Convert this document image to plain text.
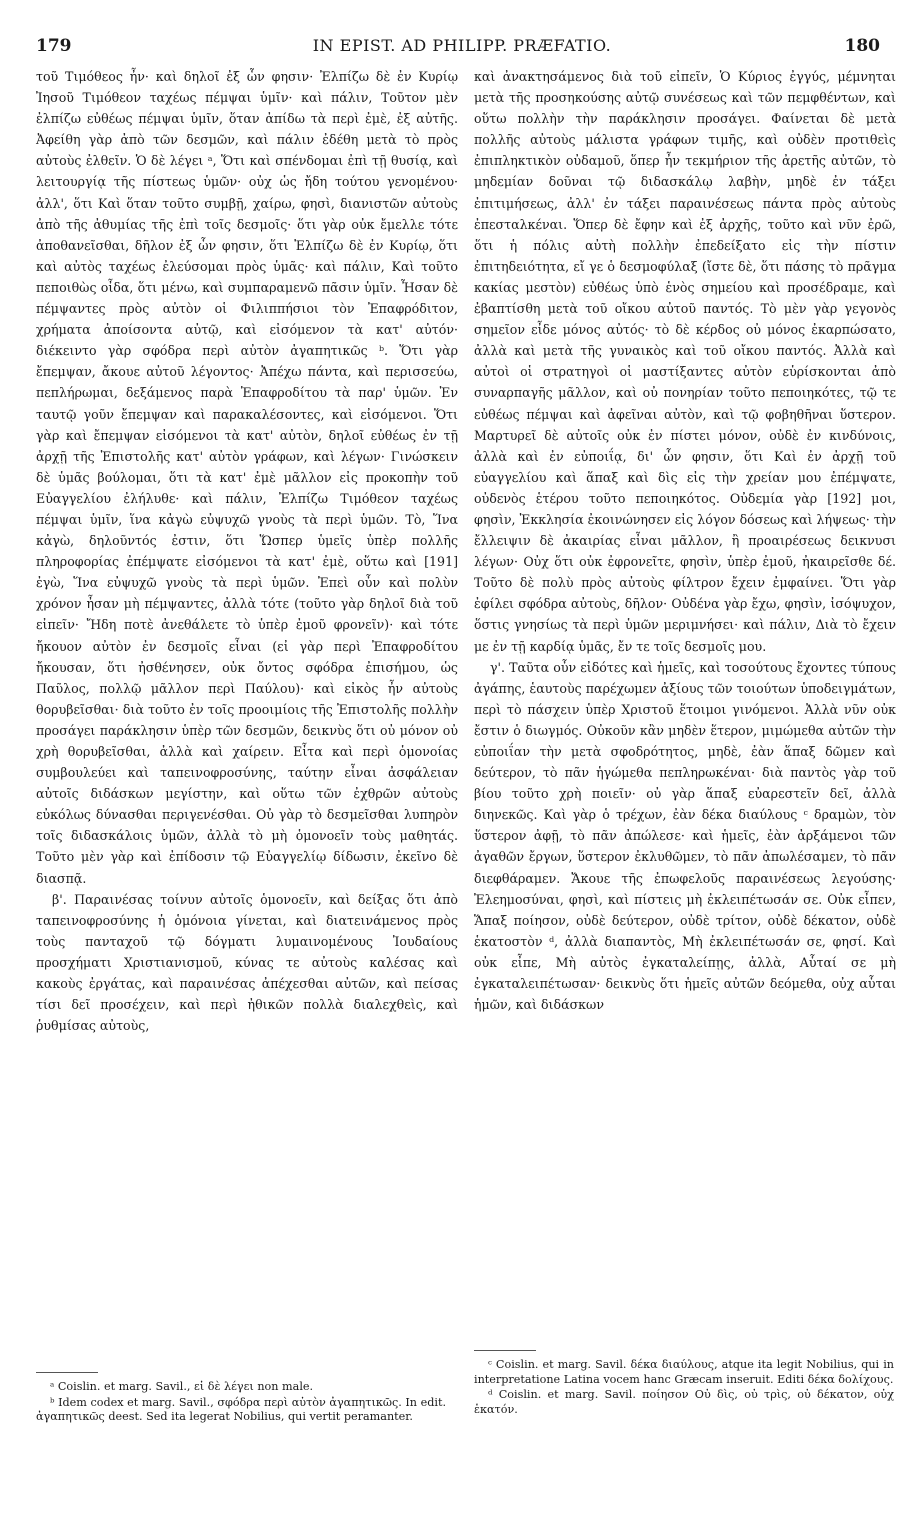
179	IN EPIST. AD PHILIPP. PRÆFATIO.	180

τοῦ Τιμόθεος ἦν· καὶ δηλοῖ ἐξ ὧν φησιν· Ἐλπίζω δὲ ἐν Κυρίῳ Ἰησοῦ Τιμόθεον ταχέως πέμψαι ὑμῖν· καὶ πάλιν, Τοῦτον μὲν ἐλπίζω εὐθέως πέμψαι ὑμῖν, ὅταν ἀπίδω τὰ περὶ ἐμὲ, ἐξ αὐτῆς. Ἀφείθη γὰρ ἀπὸ τῶν δεσμῶν, καὶ πάλιν ἐδέθη μετὰ τὸ πρὸς αὐτοὺς ἐλθεῖν. Ὁ δὲ λέγει ᵃ, Ὅτι καὶ σπένδομαι ἐπὶ τῇ θυσίᾳ, καὶ λειτουργίᾳ τῆς πίστεως ὑμῶν· οὐχ ὡς ἤδη τούτου γενομένου· ἀλλ', ὅτι Καὶ ὅταν τοῦτο συμβῇ, χαίρω, φησὶ, διανιστῶν αὐτοὺς ἀπὸ τῆς ἀθυμίας τῆς ἐπὶ τοῖς δεσμοῖς· ὅτι γὰρ οὐκ ἔμελλε τότε ἀποθανεῖσθαι, δῆλον ἐξ ὧν φησιν, ὅτι Ἐλπίζω δὲ ἐν Κυρίῳ, ὅτι καὶ αὐτὸς ταχέως ἐλεύσομαι πρὸς ὑμᾶς· καὶ πάλιν, Καὶ τοῦτο πεποιθὼς οἶδα, ὅτι μένω, καὶ συμπαραμενῶ πᾶσιν ὑμῖν. Ἦσαν δὲ πέμψαντες πρὸς αὐτὸν οἱ Φιλιππήσιοι τὸν Ἐπαφρόδιτον, χρήματα ἀποίσοντα αὐτῷ, καὶ εἰσόμενον τὰ κατ' αὐτόν· διέκειντο γὰρ σφόδρα περὶ αὐτὸν ἀγαπητικῶς ᵇ. Ὅτι γὰρ ἔπεμψαν, ἄκουε αὐτοῦ λέγοντος· Ἀπέχω πάντα, καὶ περισσεύω, πεπλήρωμαι, δεξάμενος παρὰ Ἐπαφροδίτου τὰ παρ' ὑμῶν. Ἐν ταυτῷ γοῦν ἔπεμψαν καὶ παρακαλέσοντες, καὶ εἰσόμενοι. Ὅτι γὰρ καὶ ἔπεμψαν εἰσόμενοι τὰ κατ' αὐτὸν, δηλοῖ εὐθέως ἐν τῇ ἀρχῇ τῆς Ἐπιστολῆς κατ' αὐτὸν γράφων, καὶ λέγων· Γινώσκειν δὲ ὑμᾶς βούλομαι, ὅτι τὰ κατ' ἐμὲ μᾶλλον εἰς προκοπὴν τοῦ Εὐαγγελίου ἐλήλυθε· καὶ πάλιν, Ἐλπίζω Τιμόθεον ταχέως πέμψαι ὑμῖν, ἵνα κἀγὼ εὐψυχῶ γνοὺς τὰ περὶ ὑμῶν. Τὸ, Ἵνα κἀγὼ, δηλοῦντός ἐστιν, ὅτι Ὥσπερ ὑμεῖς ὑπὲρ πολλῆς πληροφορίας ἐπέμψατε εἰσόμενοι τὰ κατ' ἐμὲ, οὕτω καὶ [191] ἐγὼ, Ἵνα εὐψυχῶ γνοὺς τὰ περὶ ὑμῶν. Ἐπεὶ οὖν καὶ πολὺν χρόνον ἦσαν μὴ πέμψαντες, ἀλλὰ τότε (τοῦτο γὰρ δηλοῖ διὰ τοῦ εἰπεῖν· Ἤδη ποτὲ ἀνεθάλετε τὸ ὑπὲρ ἐμοῦ φρονεῖν)· καὶ τότε ἤκουον αὐτὸν ἐν δεσμοῖς εἶναι (εἰ γὰρ περὶ Ἐπαφροδίτου ἤκουσαν, ὅτι ἠσθένησεν, οὐκ ὄντος σφόδρα ἐπισήμου, ὡς Παῦλος, πολλῷ μᾶλλον περὶ Παύλου)· καὶ εἰκὸς ἦν αὐτοὺς θορυβεῖσθαι· διὰ τοῦτο ἐν τοῖς προοιμίοις τῆς Ἐπιστολῆς πολλὴν προσάγει παράκλησιν ὑπὲρ τῶν δεσμῶν, δεικνὺς ὅτι οὐ μόνον οὐ χρὴ θορυβεῖσθαι, ἀλλὰ καὶ χαίρειν. Εἶτα καὶ περὶ ὁμονοίας συμβουλεύει καὶ ταπεινοφροσύνης, ταύτην εἶναι ἀσφάλειαν αὐτοῖς διδάσκων μεγίστην, καὶ οὕτω τῶν ἐχθρῶν αὐτοὺς εὐκόλως δύνασθαι περιγενέσθαι. Οὐ γὰρ τὸ δεσμεῖσθαι λυπηρὸν τοῖς διδασκάλοις ὑμῶν, ἀλλὰ τὸ μὴ ὁμονοεῖν τοὺς μαθητάς. Τοῦτο μὲν γὰρ καὶ ἐπίδοσιν τῷ Εὐαγγελίῳ δίδωσιν, ἐκεῖνο δὲ διασπᾷ.

β'. Παραινέσας τοίνυν αὐτοῖς ὁμονοεῖν, καὶ δείξας ὅτι ἀπὸ ταπεινοφροσύνης ἡ ὁμόνοια γίνεται, καὶ διατεινάμενος πρὸς τοὺς πανταχοῦ τῷ δόγματι λυμαινομένους Ἰουδαίους προσχήματι Χριστιανισμοῦ, κύνας τε αὐτοὺς καλέσας καὶ κακοὺς ἐργάτας, καὶ παραινέσας ἀπέχεσθαι αὐτῶν, καὶ πείσας τίσι δεῖ προσέχειν, καὶ περὶ ἠθικῶν πολλὰ διαλεχθεὶς, καὶ ῥυθμίσας αὐτοὺς,

καὶ ἀνακτησάμενος διὰ τοῦ εἰπεῖν, Ὁ Κύριος ἐγγύς, μέμνηται μετὰ τῆς προσηκούσης αὐτῷ συνέσεως καὶ τῶν πεμφθέντων, καὶ οὕτω πολλὴν τὴν παράκλησιν προσάγει. Φαίνεται δὲ μετὰ πολλῆς αὐτοὺς μάλιστα γράφων τιμῆς, καὶ οὐδὲν προτιθεὶς ἐπιπληκτικὸν οὐδαμοῦ, ὅπερ ἦν τεκμήριον τῆς ἀρετῆς αὐτῶν, τὸ μηδεμίαν δοῦναι τῷ διδασκάλῳ λαβὴν, μηδὲ ἐν τάξει ἐπιτιμήσεως, ἀλλ' ἐν τάξει παραινέσεως πάντα πρὸς αὐτοὺς ἐπεσταλκέναι. Ὅπερ δὲ ἔφην καὶ ἐξ ἀρχῆς, τοῦτο καὶ νῦν ἐρῶ, ὅτι ἡ πόλις αὐτὴ πολλὴν ἐπεδείξατο εἰς τὴν πίστιν ἐπιτηδειότητα, εἴ γε ὁ δεσμοφύλαξ (ἴστε δὲ, ὅτι πάσης τὸ πρᾶγμα κακίας μεστὸν) εὐθέως ὑπὸ ἑνὸς σημείου καὶ προσέδραμε, καὶ ἐβαπτίσθη μετὰ τοῦ οἴκου αὐτοῦ παντός. Τὸ μὲν γὰρ γεγονὸς σημεῖον εἶδε μόνος αὐτός· τὸ δὲ κέρδος οὐ μόνος ἐκαρπώσατο, ἀλλὰ καὶ μετὰ τῆς γυναικὸς καὶ τοῦ οἴκου παντός. Ἀλλὰ καὶ αὐτοὶ οἱ στρατηγοὶ οἱ μαστίξαντες αὐτὸν εὑρίσκονται ἀπὸ συναρπαγῆς μᾶλλον, καὶ οὐ πονηρίαν τοῦτο πεποιηκότες, τῷ τε εὐθέως πέμψαι καὶ ἀφεῖναι αὐτὸν, καὶ τῷ φοβηθῆναι ὕστερον. Μαρτυρεῖ δὲ αὐτοῖς οὐκ ἐν πίστει μόνον, οὐδὲ ἐν κινδύνοις, ἀλλὰ καὶ ἐν εὐποιΐᾳ, δι' ὧν φησιν, ὅτι Καὶ ἐν ἀρχῇ τοῦ εὐαγγελίου καὶ ἅπαξ καὶ δὶς εἰς τὴν χρείαν μου ἐπέμψατε, οὐδενὸς ἑτέρου τοῦτο πεποιηκότος. Οὐδεμία γὰρ [192] μοι, φησὶν, Ἐκκλησία ἐκοινώνησεν εἰς λόγον δόσεως καὶ λήψεως· τὴν ἔλλειψιν δὲ ἀκαιρίας εἶναι μᾶλλον, ἢ προαιρέσεως δεικνυσι λέγων· Οὐχ ὅτι οὐκ ἐφρονεῖτε, φησὶν, ὑπὲρ ἐμοῦ, ἠκαιρεῖσθε δέ. Τοῦτο δὲ πολὺ πρὸς αὐτοὺς φίλτρον ἔχειν ἐμφαίνει. Ὅτι γὰρ ἐφίλει σφόδρα αὐτοὺς, δῆλον· Οὐδένα γὰρ ἔχω, φησὶν, ἰσόψυχον, ὅστις γνησίως τὰ περὶ ὑμῶν μεριμνήσει· καὶ πάλιν, Διὰ τὸ ἔχειν με ἐν τῇ καρδίᾳ ὑμᾶς, ἔν τε τοῖς δεσμοῖς μου.

γ'. Ταῦτα οὖν εἰδότες καὶ ἡμεῖς, καὶ τοσούτους ἔχοντες τύπους ἀγάπης, ἑαυτοὺς παρέχωμεν ἀξίους τῶν τοιούτων ὑποδειγμάτων, περὶ τὸ πάσχειν ὑπὲρ Χριστοῦ ἕτοιμοι γινόμενοι. Ἀλλὰ νῦν οὐκ ἔστιν ὁ διωγμός. Οὐκοῦν κἂν μηδὲν ἕτερον, μιμώμεθα αὐτῶν τὴν εὐποιΐαν τὴν μετὰ σφοδρότητος, μηδὲ, ἐὰν ἅπαξ δῶμεν καὶ δεύτερον, τὸ πᾶν ἡγώμεθα πεπληρωκέναι· διὰ παντὸς γὰρ τοῦ βίου τοῦτο χρὴ ποιεῖν· οὐ γὰρ ἅπαξ εὐαρεστεῖν δεῖ, ἀλλὰ διηνεκῶς. Καὶ γὰρ ὁ τρέχων, ἐὰν δέκα διαύλους ᶜ δραμὼν, τὸν ὕστερον ἀφῇ, τὸ πᾶν ἀπώλεσε· καὶ ἡμεῖς, ἐὰν ἀρξάμενοι τῶν ἀγαθῶν ἔργων, ὕστερον ἐκλυθῶμεν, τὸ πᾶν ἀπωλέσαμεν, τὸ πᾶν διεφθάραμεν. Ἄκουε τῆς ἐπωφελοῦς παραινέσεως λεγούσης· Ἐλεημοσύναι, φησὶ, καὶ πίστεις μὴ ἐκλειπέτωσάν σε. Οὐκ εἶπεν, Ἅπαξ ποίησον, οὐδὲ δεύτερον, οὐδὲ τρίτον, οὐδὲ δέκατον, οὐδὲ ἑκατοστὸν ᵈ, ἀλλὰ διαπαντὸς, Μὴ ἐκλειπέτωσάν σε, φησί. Καὶ οὐκ εἶπε, Μὴ αὐτὸς ἐγκαταλείπῃς, ἀλλὰ, Αὗταί σε μὴ ἐγκαταλειπέτωσαν· δεικνὺς ὅτι ἡμεῖς αὐτῶν δεόμεθα, οὐχ αὗται ἡμῶν, καὶ διδάσκων

ᵃ Coislin. et marg. Savil., εἰ δὲ λέγει non male.

ᵇ Idem codex et marg. Savil., σφόδρα περὶ αὐτὸν ἀγαπητικῶς. In edit. ἀγαπητικῶς deest. Sed ita legerat Nobilius, qui vertit peramanter.

ᶜ Coislin. et marg. Savil. δέκα διαύλους, atque ita legit Nobilius, qui in interpretatione Latina vocem hanc Græcam inseruit. Editi δέκα δολίχους.

ᵈ Coislin. et marg. Savil. ποίησον Οὐ δὶς, οὐ τρὶς, οὐ δέκατον, οὐχ ἑκατόν.
